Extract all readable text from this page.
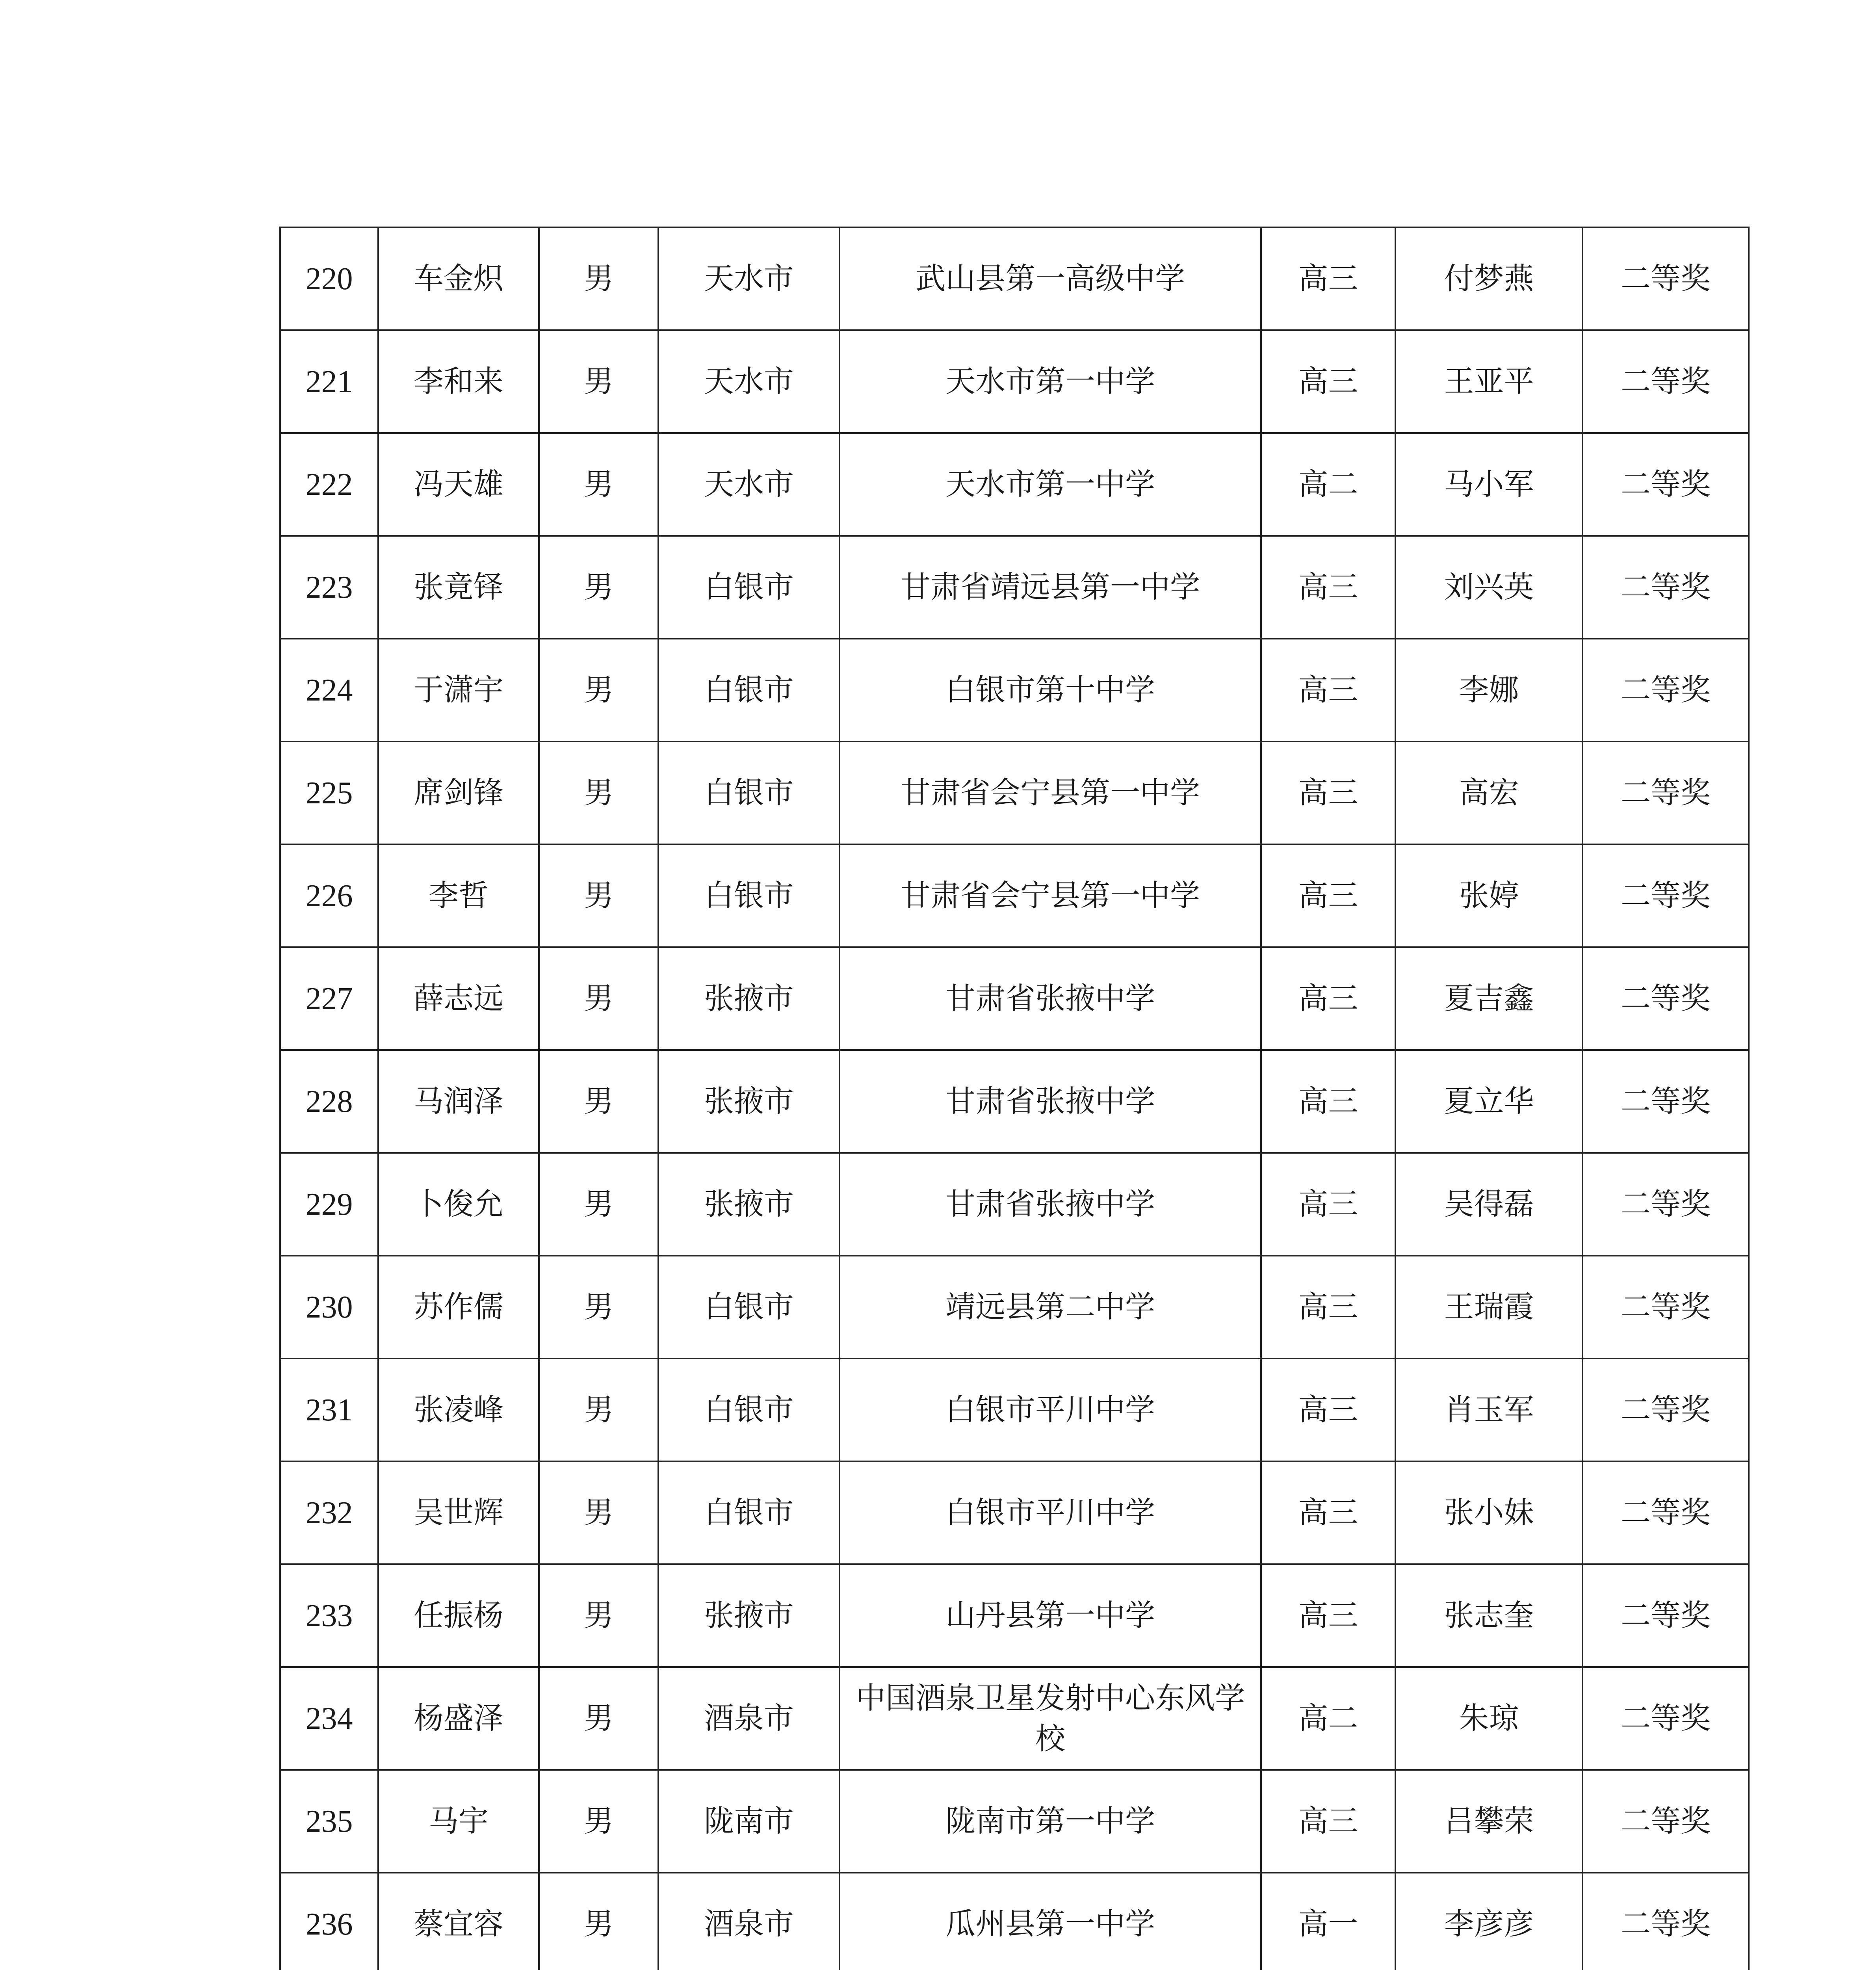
220	车金炽	男	天水市	武山县第一高级中学	高三	付梦燕	二等奖
221	李和来	男	天水市	天水市第一中学	高三	王亚平	二等奖
222	冯天雄	男	天水市	天水市第一中学	高二	马小军	二等奖
223	张竟铎	男	白银市	甘肃省靖远县第一中学	高三	刘兴英	二等奖
224	于潇宇	男	白银市	白银市第十中学	高三	李娜	二等奖
225	席剑锋	男	白银市	甘肃省会宁县第一中学	高三	高宏	二等奖
226	李哲	男	白银市	甘肃省会宁县第一中学	高三	张婷	二等奖
227	薛志远	男	张掖市	甘肃省张掖中学	高三	夏吉鑫	二等奖
228	马润泽	男	张掖市	甘肃省张掖中学	高三	夏立华	二等奖
229	卜俊允	男	张掖市	甘肃省张掖中学	高三	吴得磊	二等奖
230	苏作儒	男	白银市	靖远县第二中学	高三	王瑞霞	二等奖
231	张凌峰	男	白银市	白银市平川中学	高三	肖玉军	二等奖
232	吴世辉	男	白银市	白银市平川中学	高三	张小妹	二等奖
233	任振杨	男	张掖市	山丹县第一中学	高三	张志奎	二等奖
234	杨盛泽	男	酒泉市	中国酒泉卫星发射中心东风学校	高二	朱琼	二等奖
235	马宇	男	陇南市	陇南市第一中学	高三	吕攀荣	二等奖
236	蔡宜容	男	酒泉市	瓜州县第一中学	高一	李彦彦	二等奖
